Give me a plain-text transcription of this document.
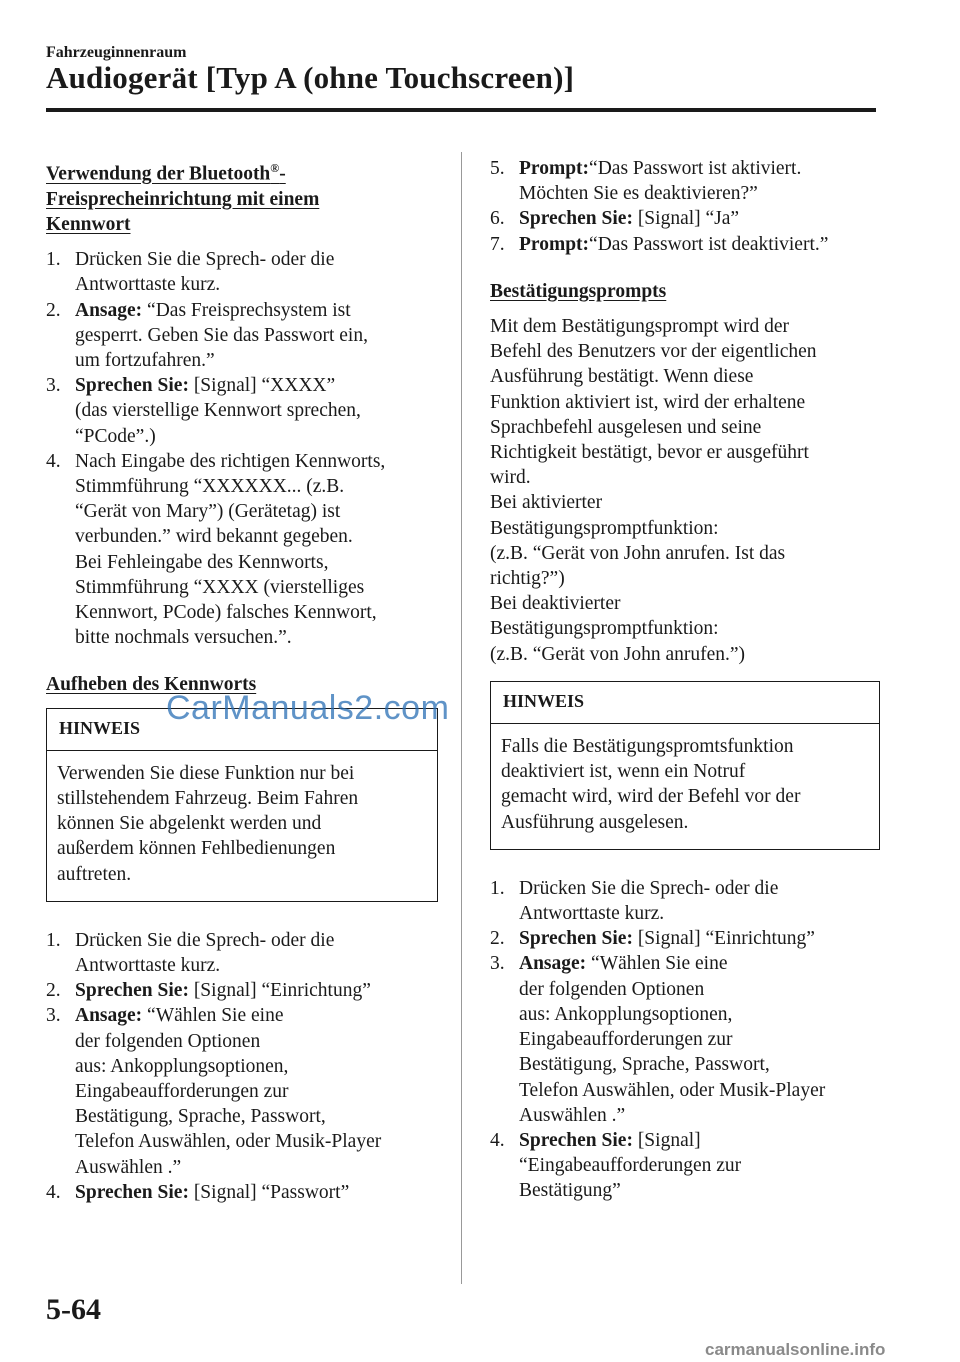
Fahrzeuginnenraum
Audiogerät [Typ A (ohne Touchscreen)]
Verwendung der Bluetooth®-
Freisprecheinrichtung mit einem
Kennwort
1. Drücken Sie die Sprech- oder die
Antworttaste kurz.
2. Ansage: “Das Freisprechsystem ist
gesperrt. Geben Sie das Passwort ein,
um fortzufahren.”
3. Sprechen Sie: [Signal] “XXXX”
(das vierstellige Kennwort sprechen,
“PCode”.)
4. Nach Eingabe des richtigen Kennworts,
Stimmführung “XXXXXX... (z.B.
“Gerät von Mary”) (Gerätetag) ist
verbunden.” wird bekannt gegeben.
Bei Fehleingabe des Kennworts,
Stimmführung “XXXX (vierstelliges
Kennwort, PCode) falsches Kennwort,
bitte nochmals versuchen.”.
Aufheben des Kennworts
HINWEIS
Verwenden Sie diese Funktion nur bei
stillstehendem Fahrzeug. Beim Fahren
können Sie abgelenkt werden und
außerdem können Fehlbedienungen
auftreten.
1. Drücken Sie die Sprech- oder die
Antworttaste kurz.
2. Sprechen Sie: [Signal] “Einrichtung”
3. Ansage: “Wählen Sie eine
der folgenden Optionen
aus: Ankopplungsoptionen,
Eingabeaufforderungen zur
Bestätigung, Sprache, Passwort,
Telefon Auswählen, oder Musik-Player
Auswählen .”
4. Sprechen Sie: [Signal] “Passwort”
5. Prompt:“Das Passwort ist aktiviert.
Möchten Sie es deaktivieren?”
6. Sprechen Sie: [Signal] “Ja”
7. Prompt:“Das Passwort ist deaktiviert.”
Bestätigungsprompts
Mit dem Bestätigungsprompt wird der
Befehl des Benutzers vor der eigentlichen
Ausführung bestätigt. Wenn diese
Funktion aktiviert ist, wird der erhaltene
Sprachbefehl ausgelesen und seine
Richtigkeit bestätigt, bevor er ausgeführt
wird.
Bei aktivierter
Bestätigungspromptfunktion:
(z.B. “Gerät von John anrufen. Ist das
richtig?”)
Bei deaktivierter
Bestätigungspromptfunktion:
(z.B. “Gerät von John anrufen.”)
HINWEIS
Falls die Bestätigungspromtsfunktion
deaktiviert ist, wenn ein Notruf
gemacht wird, wird der Befehl vor der
Ausführung ausgelesen.
1. Drücken Sie die Sprech- oder die
Antworttaste kurz.
2. Sprechen Sie: [Signal] “Einrichtung”
3. Ansage: “Wählen Sie eine
der folgenden Optionen
aus: Ankopplungsoptionen,
Eingabeaufforderungen zur
Bestätigung, Sprache, Passwort,
Telefon Auswählen, oder Musik-Player
Auswählen .”
4. Sprechen Sie: [Signal]
“Eingabeaufforderungen zur
Bestätigung”
CarManuals2.com
5-64
carmanualsonline.info
